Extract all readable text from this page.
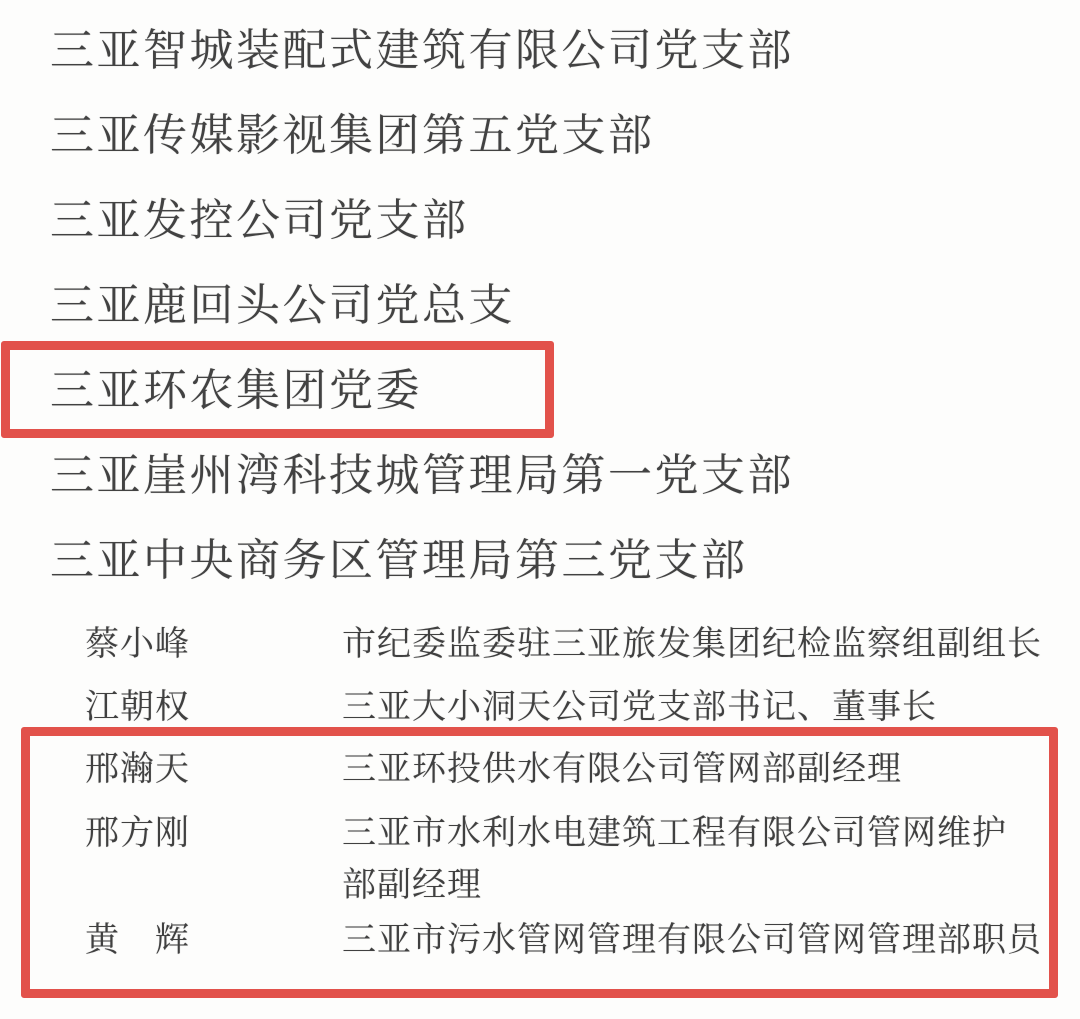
三亚智城装配式建筑有限公司党支部
三亚传媒影视集团第五党支部
三亚发控公司党支部
三亚鹿回头公司党总支
三亚环农集团党委
三亚崖州湾科技城管理局第一党支部
三亚中央商务区管理局第三党支部
蔡小峰	市纪委监委驻三亚旅发集团纪检监察组副组长
江朝权	三亚大小洞天公司党支部书记、董事长
邢瀚天	三亚环投供水有限公司管网部副经理
邢方刚	三亚市水利水电建筑工程有限公司管网维护
部副经理
黄　辉	三亚市污水管网管理有限公司管网管理部职员
